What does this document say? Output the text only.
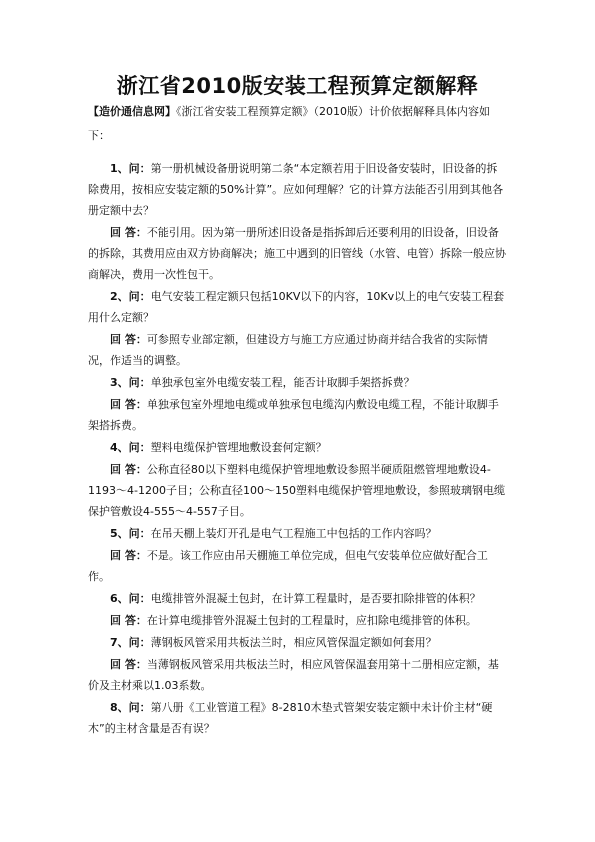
浙江省2010版安装工程预算定额解释
【造价通信息网】《浙江省安装工程预算定额》（2010版）计价依据解释具体内容如下：

1、问：第一册机械设备册说明第二条“本定额若用于旧设备安装时，旧设备的拆除费用，按相应安装定额的50%计算”。应如何理解？它的计算方法能否引用到其他各册定额中去？

回 答：不能引用。因为第一册所述旧设备是指拆卸后还要利用的旧设备，旧设备的拆除，其费用应由双方协商解决；施工中遇到的旧管线（水管、电管）拆除一般应协商解决，费用一次性包干。

2、问：电气安装工程定额只包括10KV以下的内容，10Kv以上的电气安装工程套用什么定额？

回 答：可参照专业部定额，但建设方与施工方应通过协商并结合我省的实际情况，作适当的调整。

3、问：单独承包室外电缆安装工程，能否计取脚手架搭拆费？

回 答：单独承包室外埋地电缆或单独承包电缆沟内敷设电缆工程，不能计取脚手架搭拆费。

4、问：塑料电缆保护管埋地敷设套何定额？

回 答：公称直径80以下塑料电缆保护管埋地敷设参照半硬质阻燃管埋地敷设4-1193～4-1200子目；公称直径100～150塑料电缆保护管埋地敷设，参照玻璃钢电缆保护管敷设4-555～4-557子目。

5、问：在吊天棚上装灯开孔是电气工程施工中包括的工作内容吗？

回 答：不是。该工作应由吊天棚施工单位完成，但电气安装单位应做好配合工作。

6、问：电缆排管外混凝土包封，在计算工程量时，是否要扣除排管的体积？

回 答：在计算电缆排管外混凝土包封的工程量时，应扣除电缆排管的体积。

7、问：薄钢板风管采用共板法兰时，相应风管保温定额如何套用？

回 答：当薄钢板风管采用共板法兰时，相应风管保温套用第十二册相应定额，基价及主材乘以1.03系数。

8、问：第八册《工业管道工程》8-2810木垫式管架安装定额中未计价主材“硬木”的主材含量是否有误？
